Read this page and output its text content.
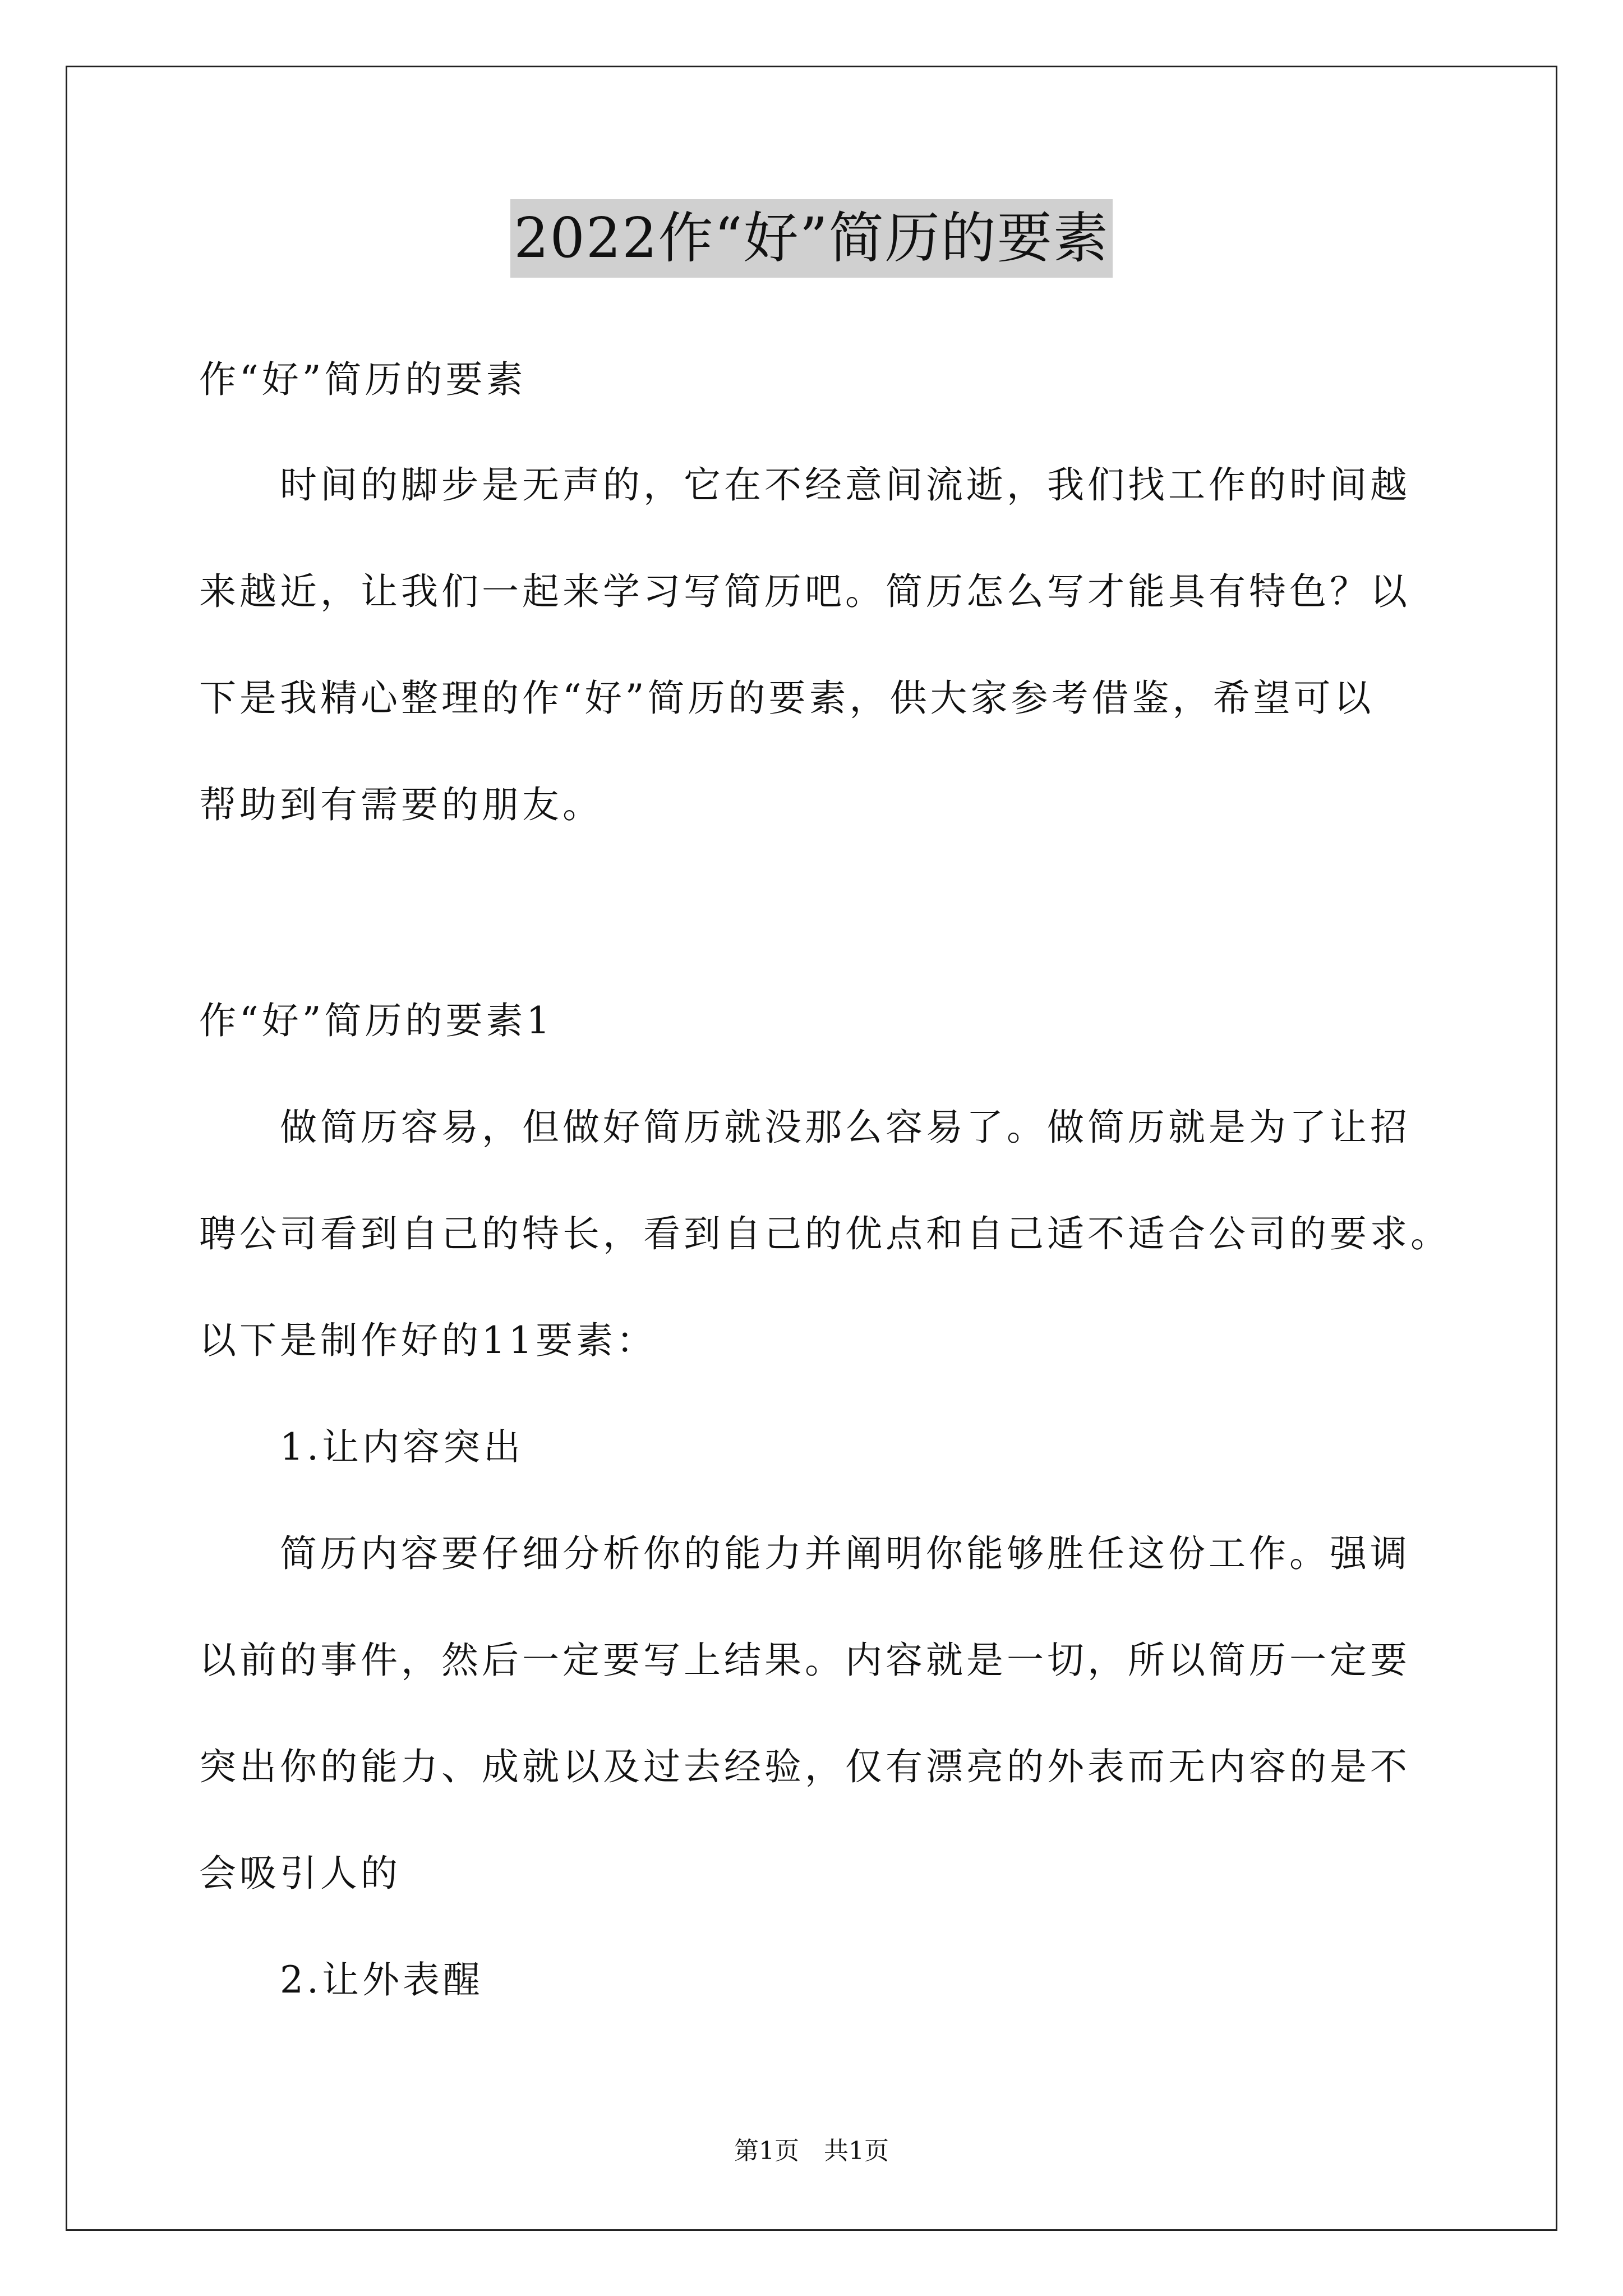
2022作“好”简历的要素
作“好”简历的要素
　　时间的脚步是无声的，它在不经意间流逝，我们找工作的时间越
来越近，让我们一起来学习写简历吧。简历怎么写才能具有特色？以
下是我精心整理的作“好”简历的要素，供大家参考借鉴，希望可以
帮助到有需要的朋友。
作“好”简历的要素1
　　做简历容易，但做好简历就没那么容易了。做简历就是为了让招
聘公司看到自己的特长，看到自己的优点和自己适不适合公司的要求。
以下是制作好的11要素：
　　1.让内容突出
　　简历内容要仔细分析你的能力并阐明你能够胜任这份工作。强调
以前的事件，然后一定要写上结果。内容就是一切，所以简历一定要
突出你的能力、成就以及过去经验，仅有漂亮的外表而无内容的是不
会吸引人的
　　2.让外表醒
第1页　共1页
